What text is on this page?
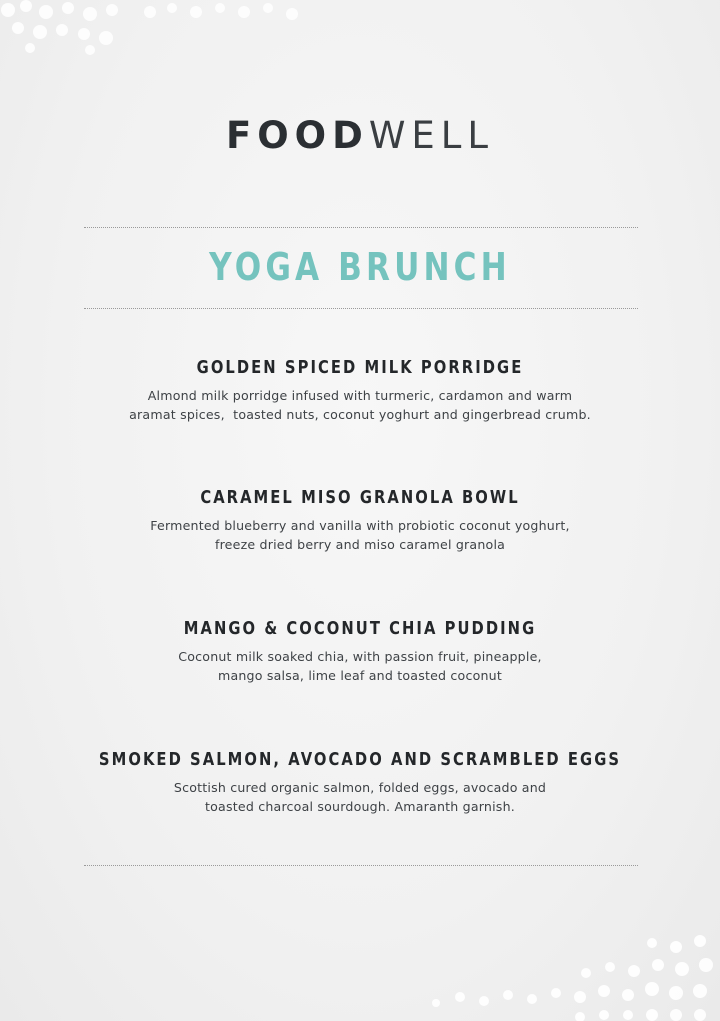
FOODWELL
YOGA BRUNCH
GOLDEN SPICED MILK PORRIDGE
Almond milk porridge infused with turmeric, cardamon and warm
aramat spices,  toasted nuts, coconut yoghurt and gingerbread crumb.
CARAMEL MISO GRANOLA BOWL
Fermented blueberry and vanilla with probiotic coconut yoghurt,
freeze dried berry and miso caramel granola
MANGO & COCONUT CHIA PUDDING
Coconut milk soaked chia, with passion fruit, pineapple,
mango salsa, lime leaf and toasted coconut
SMOKED SALMON, AVOCADO AND SCRAMBLED EGGS
Scottish cured organic salmon, folded eggs, avocado and
toasted charcoal sourdough. Amaranth garnish.
